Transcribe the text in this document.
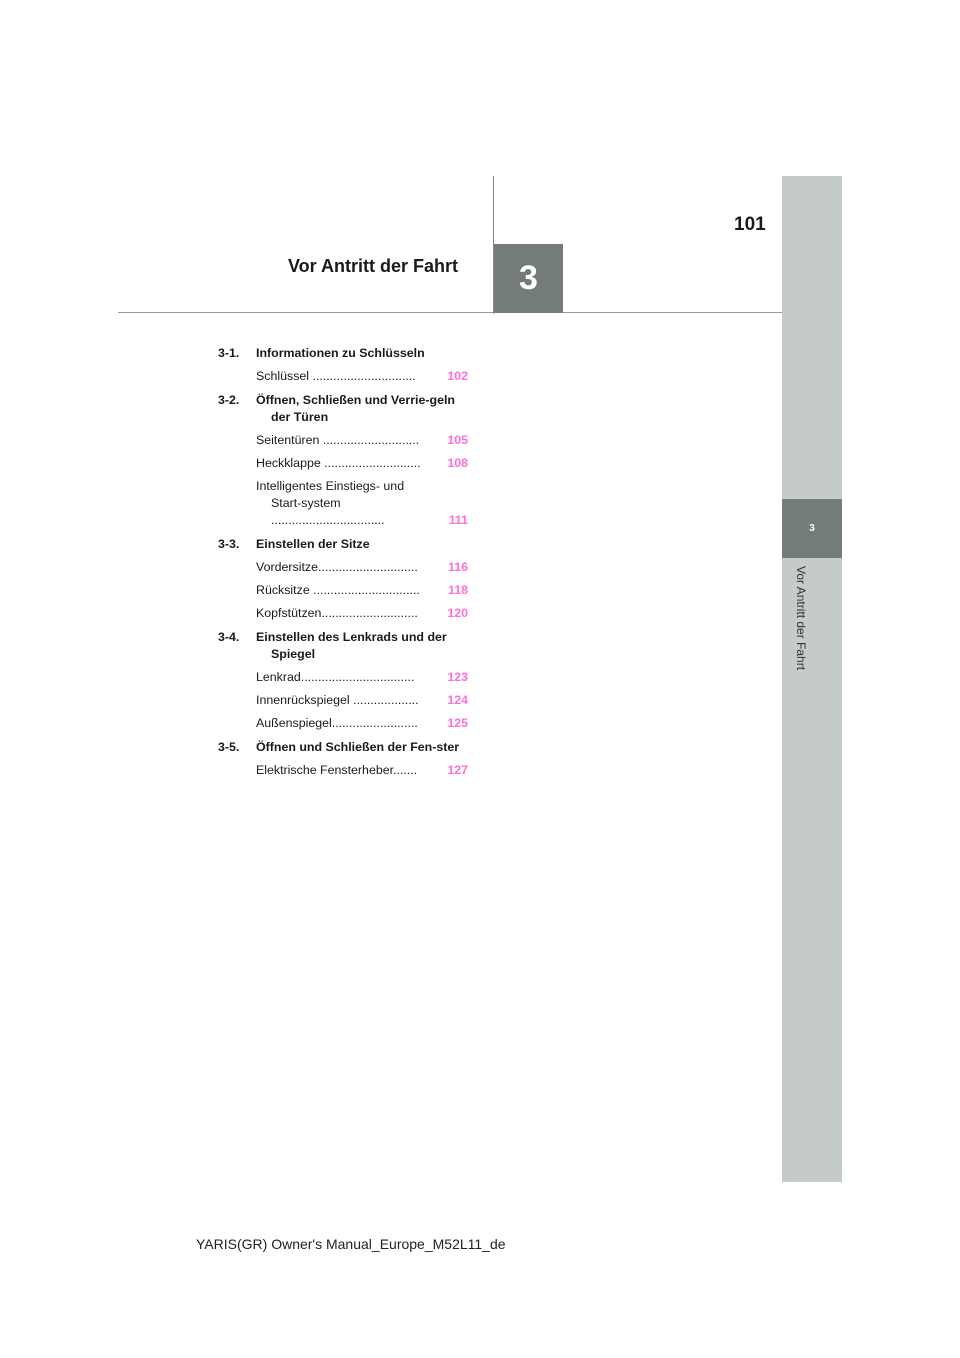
3
101
Vor Antritt der Fahrt
3
Vor Antritt der Fahrt
3-1.	Informationen zu Schlüsseln
Schlüssel ..............................	102
3-2.	Öffnen, Schließen und Verrie-geln der Türen
Seitentüren ............................	105
Heckklappe ............................	108
Intelligentes Einstiegs- und Start-system .................................	111
3-3.	Einstellen der Sitze
Vordersitze.............................	116
Rücksitze ...............................	118
Kopfstützen............................	120
3-4.	Einstellen des Lenkrads und der Spiegel
Lenkrad.................................	123
Innenrückspiegel ...................	124
Außenspiegel.........................	125
3-5.	Öffnen und Schließen der Fen-ster
Elektrische Fensterheber.......	127
YARIS(GR) Owner's Manual_Europe_M52L11_de
